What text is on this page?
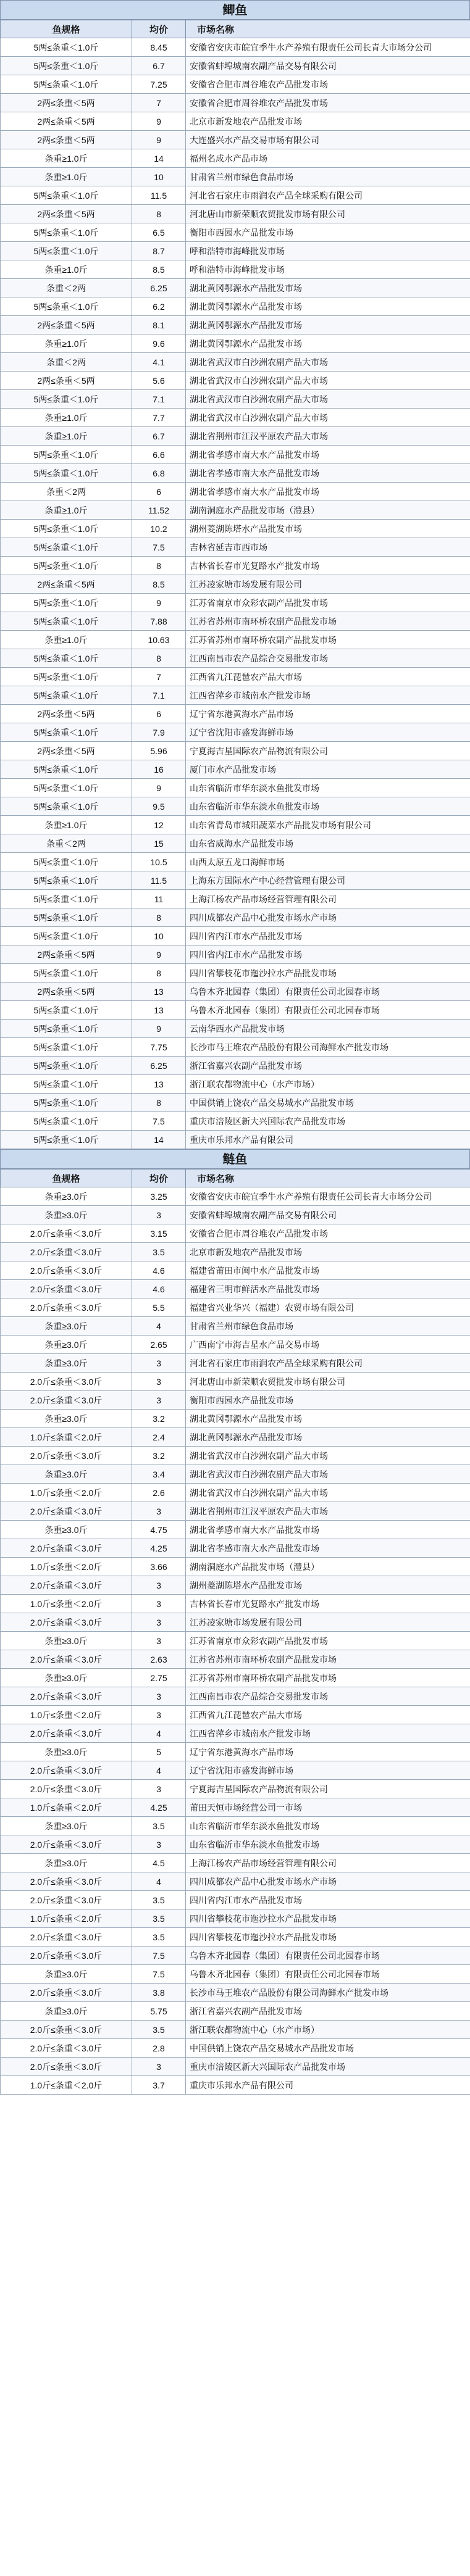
鲫鱼
鱼规格	均价	市场名称
5两≤条重＜1.0斤	8.45	安徽省安庆市皖宜季牛水产养殖有限责任公司长青大市场分公司
5两≤条重＜1.0斤	6.7	安徽省蚌埠城南农副产品交易有限公司
5两≤条重＜1.0斤	7.25	安徽省合肥市周谷堆农产品批发市场
2两≤条重＜5两	7	安徽省合肥市周谷堆农产品批发市场
2两≤条重＜5两	9	北京市新发地农产品批发市场
2两≤条重＜5两	9	大连盛兴水产品交易市场有限公司
条重≥1.0斤	14	福州名成水产品市场
条重≥1.0斤	10	甘肃省兰州市绿色食品市场
5两≤条重＜1.0斤	11.5	河北省石家庄市雨润农产品全球采购有限公司
2两≤条重＜5两	8	河北唐山市新荣顺农贸批发市场有限公司
5两≤条重＜1.0斤	6.5	衡阳市西园水产品批发市场
5两≤条重＜1.0斤	8.7	呼和浩特市海峰批发市场
条重≥1.0斤	8.5	呼和浩特市海峰批发市场
条重＜2两	6.25	湖北黄冈鄂源水产品批发市场
5两≤条重＜1.0斤	6.2	湖北黄冈鄂源水产品批发市场
2两≤条重＜5两	8.1	湖北黄冈鄂源水产品批发市场
条重≥1.0斤	9.6	湖北黄冈鄂源水产品批发市场
条重＜2两	4.1	湖北省武汉市白沙洲农副产品大市场
2两≤条重＜5两	5.6	湖北省武汉市白沙洲农副产品大市场
5两≤条重＜1.0斤	7.1	湖北省武汉市白沙洲农副产品大市场
条重≥1.0斤	7.7	湖北省武汉市白沙洲农副产品大市场
条重≥1.0斤	6.7	湖北省荆州市江汉平原农产品大市场
5两≤条重＜1.0斤	6.6	湖北省孝感市南大水产品批发市场
5两≤条重＜1.0斤	6.8	湖北省孝感市南大水产品批发市场
条重＜2两	6	湖北省孝感市南大水产品批发市场
条重≥1.0斤	11.52	湖南洞庭水产品批发市场（澧县）
5两≤条重＜1.0斤	10.2	湖州菱湖陈塔水产品批发市场
5两≤条重＜1.0斤	7.5	吉林省延吉市西市场
5两≤条重＜1.0斤	8	吉林省长春市光复路水产批发市场
2两≤条重＜5两	8.5	江苏凌家塘市场发展有限公司
5两≤条重＜1.0斤	9	江苏省南京市众彩农副产品批发市场
5两≤条重＜1.0斤	7.88	江苏省苏州市南环桥农副产品批发市场
条重≥1.0斤	10.63	江苏省苏州市南环桥农副产品批发市场
5两≤条重＜1.0斤	8	江西南昌市农产品综合交易批发市场
5两≤条重＜1.0斤	7	江西省九江琵琶农产品大市场
5两≤条重＜1.0斤	7.1	江西省萍乡市城南水产批发市场
2两≤条重＜5两	6	辽宁省东港黄海水产品市场
5两≤条重＜1.0斤	7.9	辽宁省沈阳市盛发海鲜市场
2两≤条重＜5两	5.96	宁夏海吉星国际农产品物流有限公司
5两≤条重＜1.0斤	16	厦门市水产品批发市场
5两≤条重＜1.0斤	9	山东省临沂市华东淡水鱼批发市场
5两≤条重＜1.0斤	9.5	山东省临沂市华东淡水鱼批发市场
条重≥1.0斤	12	山东省青岛市城阳蔬菜水产品批发市场有限公司
条重＜2两	15	山东省威海水产品批发市场
5两≤条重＜1.0斤	10.5	山西太原五龙口海鲜市场
5两≤条重＜1.0斤	11.5	上海东方国际水产中心经营管理有限公司
5两≤条重＜1.0斤	11	上海江杨农产品市场经营管理有限公司
5两≤条重＜1.0斤	8	四川成都农产品中心批发市场水产市场
5两≤条重＜1.0斤	10	四川省内江市水产品批发市场
2两≤条重＜5两	9	四川省内江市水产品批发市场
5两≤条重＜1.0斤	8	四川省攀枝花市迤沙拉水产品批发市场
2两≤条重＜5两	13	乌鲁木齐北园春（集团）有限责任公司北园春市场
5两≤条重＜1.0斤	13	乌鲁木齐北园春（集团）有限责任公司北园春市场
5两≤条重＜1.0斤	9	云南华西水产品批发市场
5两≤条重＜1.0斤	7.75	长沙市马王堆农产品股份有限公司海鲜水产批发市场
5两≤条重＜1.0斤	6.25	浙江省嘉兴农副产品批发市场
5两≤条重＜1.0斤	13	浙江联农都物流中心（水产市场）
5两≤条重＜1.0斤	8	中国供销上饶农产品交易城水产品批发市场
5两≤条重＜1.0斤	7.5	重庆市涪陵区新大兴国际农产品批发市场
5两≤条重＜1.0斤	14	重庆市乐邦水产品有限公司
鲢鱼
鱼规格	均价	市场名称
条重≥3.0斤	3.25	安徽省安庆市皖宜季牛水产养殖有限责任公司长青大市场分公司
条重≥3.0斤	3	安徽省蚌埠城南农副产品交易有限公司
2.0斤≤条重＜3.0斤	3.15	安徽省合肥市周谷堆农产品批发市场
2.0斤≤条重＜3.0斤	3.5	北京市新发地农产品批发市场
2.0斤≤条重＜3.0斤	4.6	福建省莆田市闽中水产品批发市场
2.0斤≤条重＜3.0斤	4.6	福建省三明市鲜活水产品批发市场
2.0斤≤条重＜3.0斤	5.5	福建省兴业华兴（福建）农贸市场有限公司
条重≥3.0斤	4	甘肃省兰州市绿色食品市场
条重≥3.0斤	2.65	广西南宁市海吉星水产品交易市场
条重≥3.0斤	3	河北省石家庄市雨润农产品全球采购有限公司
2.0斤≤条重＜3.0斤	3	河北唐山市新荣顺农贸批发市场有限公司
2.0斤≤条重＜3.0斤	3	衡阳市西园水产品批发市场
条重≥3.0斤	3.2	湖北黄冈鄂源水产品批发市场
1.0斤≤条重＜2.0斤	2.4	湖北黄冈鄂源水产品批发市场
2.0斤≤条重＜3.0斤	3.2	湖北省武汉市白沙洲农副产品大市场
条重≥3.0斤	3.4	湖北省武汉市白沙洲农副产品大市场
1.0斤≤条重＜2.0斤	2.6	湖北省武汉市白沙洲农副产品大市场
2.0斤≤条重＜3.0斤	3	湖北省荆州市江汉平原农产品大市场
条重≥3.0斤	4.75	湖北省孝感市南大水产品批发市场
2.0斤≤条重＜3.0斤	4.25	湖北省孝感市南大水产品批发市场
1.0斤≤条重＜2.0斤	3.66	湖南洞庭水产品批发市场（澧县）
2.0斤≤条重＜3.0斤	3	湖州菱湖陈塔水产品批发市场
1.0斤≤条重＜2.0斤	3	吉林省长春市光复路水产批发市场
2.0斤≤条重＜3.0斤	3	江苏凌家塘市场发展有限公司
条重≥3.0斤	3	江苏省南京市众彩农副产品批发市场
2.0斤≤条重＜3.0斤	2.63	江苏省苏州市南环桥农副产品批发市场
条重≥3.0斤	2.75	江苏省苏州市南环桥农副产品批发市场
2.0斤≤条重＜3.0斤	3	江西南昌市农产品综合交易批发市场
1.0斤≤条重＜2.0斤	3	江西省九江琵琶农产品大市场
2.0斤≤条重＜3.0斤	4	江西省萍乡市城南水产批发市场
条重≥3.0斤	5	辽宁省东港黄海水产品市场
2.0斤≤条重＜3.0斤	4	辽宁省沈阳市盛发海鲜市场
2.0斤≤条重＜3.0斤	3	宁夏海吉星国际农产品物流有限公司
1.0斤≤条重＜2.0斤	4.25	莆田天恒市场经营公司一市场
条重≥3.0斤	3.5	山东省临沂市华东淡水鱼批发市场
2.0斤≤条重＜3.0斤	3	山东省临沂市华东淡水鱼批发市场
条重≥3.0斤	4.5	上海江杨农产品市场经营管理有限公司
2.0斤≤条重＜3.0斤	4	四川成都农产品中心批发市场水产市场
2.0斤≤条重＜3.0斤	3.5	四川省内江市水产品批发市场
1.0斤≤条重＜2.0斤	3.5	四川省攀枝花市迤沙拉水产品批发市场
2.0斤≤条重＜3.0斤	3.5	四川省攀枝花市迤沙拉水产品批发市场
2.0斤≤条重＜3.0斤	7.5	乌鲁木齐北园春（集团）有限责任公司北园春市场
条重≥3.0斤	7.5	乌鲁木齐北园春（集团）有限责任公司北园春市场
2.0斤≤条重＜3.0斤	3.8	长沙市马王堆农产品股份有限公司海鲜水产批发市场
条重≥3.0斤	5.75	浙江省嘉兴农副产品批发市场
2.0斤≤条重＜3.0斤	3.5	浙江联农都物流中心（水产市场）
2.0斤≤条重＜3.0斤	2.8	中国供销上饶农产品交易城水产品批发市场
2.0斤≤条重＜3.0斤	3	重庆市涪陵区新大兴国际农产品批发市场
1.0斤≤条重＜2.0斤	3.7	重庆市乐邦水产品有限公司
